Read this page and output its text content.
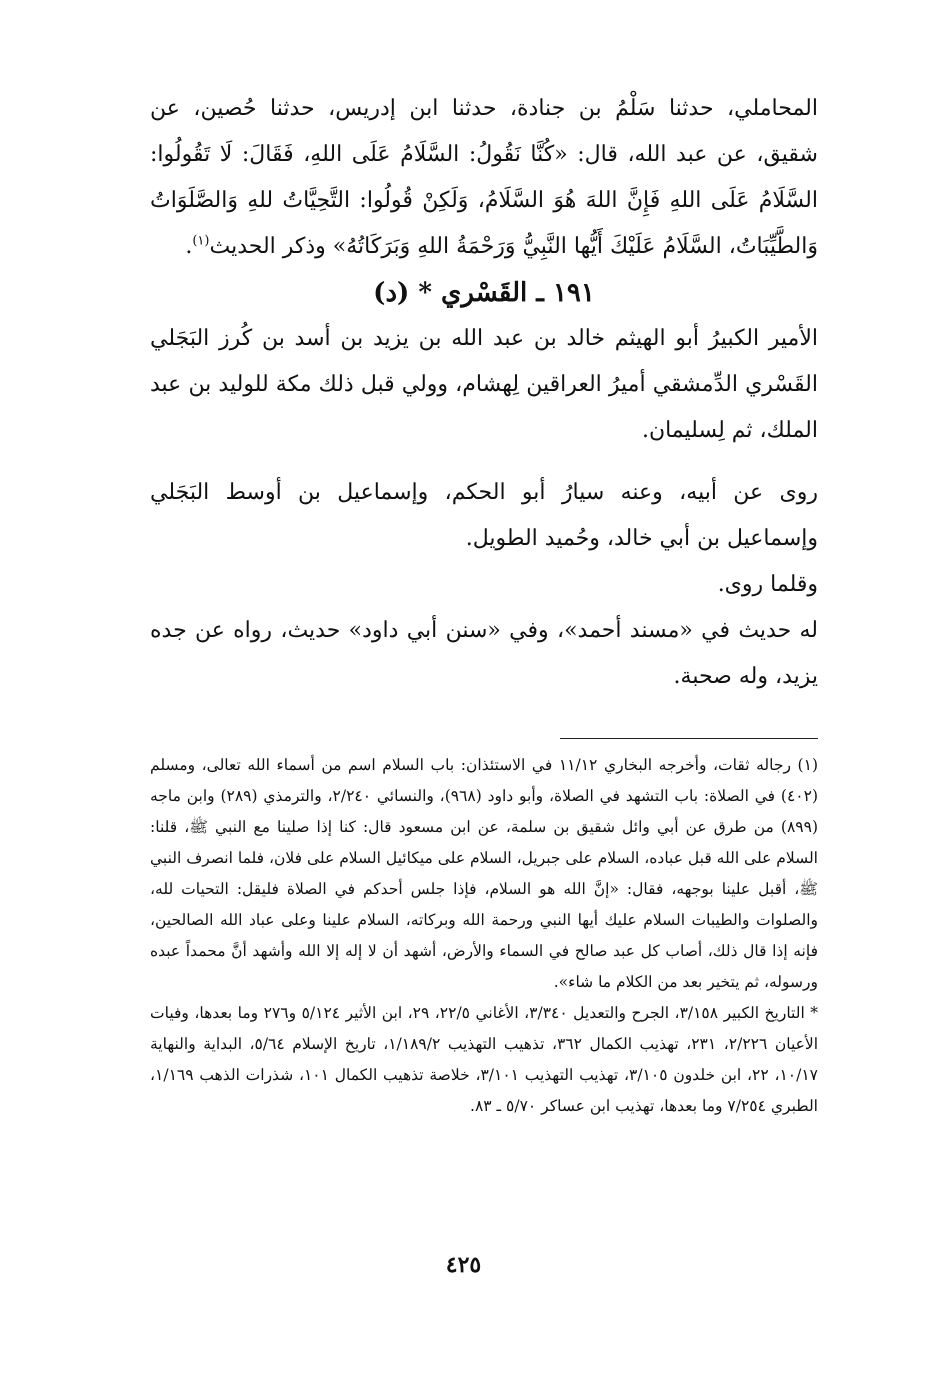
المحاملي، حدثنا سَلْمُ بن جنادة، حدثنا ابن إدريس، حدثنا حُصين، عن شقيق، عن عبد الله، قال: «كُنَّا نَقُولُ: السَّلَامُ عَلَى اللهِ، فَقَالَ: لَا تَقُولُوا: السَّلَامُ عَلَى اللهِ فَإِنَّ اللهَ هُوَ السَّلَامُ، وَلَكِنْ قُولُوا: التَّحِيَّاتُ للهِ وَالصَّلَوَاتُ وَالطَّيِّبَاتُ، السَّلَامُ عَلَيْكَ أَيُّها النَّبِيُّ وَرَحْمَةُ اللهِ وَبَرَكَاتُهُ» وذكر الحديث$^{(١)}$.

١٩١ ـ القَسْري * (د)

الأمير الكبيرُ أبو الهيثم خالد بن عبد الله بن يزيد بن أسد بن كُرز البَجَلي القَسْري الدِّمشقي أميرُ العراقين لِهشام، وولي قبل ذلك مكة للوليد بن عبد الملك، ثم لِسليمان.

روى عن أبيه، وعنه سيارُ أبو الحكم، وإسماعيل بن أوسط البَجَلي وإسماعيل بن أبي خالد، وحُميد الطويل.

وقلما روى.

له حديث في «مسند أحمد»، وفي «سنن أبي داود» حديث، رواه عن جده يزيد، وله صحبة.

(١) رجاله ثقات، وأخرجه البخاري ١١/١٢ في الاستئذان: باب السلام اسم من أسماء الله تعالى، ومسلم (٤٠٢) في الصلاة: باب التشهد في الصلاة، وأبو داود (٩٦٨)، والنسائي ٢/٢٤٠، والترمذي (٢٨٩) وابن ماجه (٨٩٩) من طرق عن أبي وائل شقيق بن سلمة، عن ابن مسعود قال: كنا إذا صلينا مع النبي ﷺ، قلنا: السلام على الله قبل عباده، السلام على جبريل، السلام على ميكائيل السلام على فلان، فلما انصرف النبي ﷺ، أقبل علينا بوجهه، فقال: «إنَّ الله هو السلام، فإذا جلس أحدكم في الصلاة فليقل: التحيات لله، والصلوات والطيبات السلام عليك أيها النبي ورحمة الله وبركاته، السلام علينا وعلى عباد الله الصالحين، فإنه إذا قال ذلك، أصاب كل عبد صالح في السماء والأرض، أشهد أن لا إله إلا الله وأشهد أنَّ محمداً عبده ورسوله، ثم يتخير بعد من الكلام ما شاء».

* التاريخ الكبير ٣/١٥٨، الجرح والتعديل ٣/٣٤٠، الأغاني ٢٢/٥، ٢٩، ابن الأثير ٥/١٢٤ و٢٧٦ وما بعدها، وفيات الأعيان ٢/٢٢٦، ٢٣١، تهذيب الكمال ٣٦٢، تذهيب التهذيب ١/١٨٩/٢، تاريخ الإسلام ٥/٦٤، البداية والنهاية ١٠/١٧، ٢٢، ابن خلدون ٣/١٠٥، تهذيب التهذيب ٣/١٠١، خلاصة تذهيب الكمال ١٠١، شذرات الذهب ١/١٦٩، الطبري ٧/٢٥٤ وما بعدها، تهذيب ابن عساكر ٥/٧٠ ـ ٨٣.

٤٢٥
